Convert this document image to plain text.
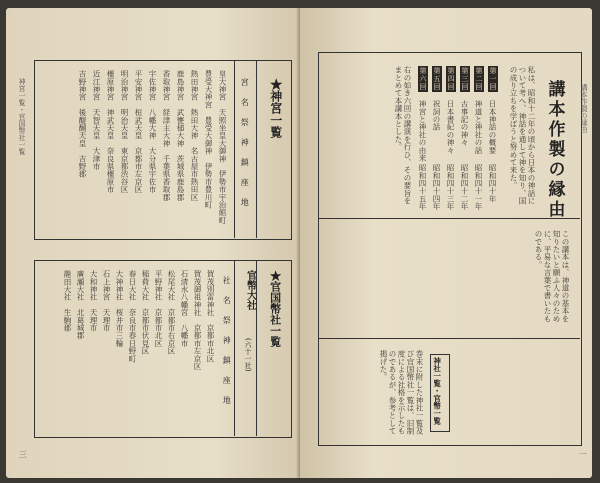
★神宮一覧
宮　名　祭　神　鎮　座　地
皇大神宮　天照坐皇大御神　伊勢市宇治館町
豊受大神宮　豊受大御神　伊勢市豊川町
熱田神宮　熱田大神　名古屋市熱田区
鹿島神宮　武甕槌大神　茨城県鹿島郡
香取神宮　経津主大神　千葉県香取郡
宇佐神宮　八幡大神　大分県宇佐市
平安神宮　桓武天皇　京都市左京区
明治神宮　明治天皇　東京都渋谷区
橿原神宮　神武天皇　奈良県橿原市
近江神宮　天智天皇　大津市
吉野神宮　後醍醐天皇　吉野郡
★官国幣社一覧
官幣大社
(六十一社)
社　名　祭　神　鎮　座　地
賀茂別雷神社　京都市北区
賀茂御祖神社　京都市左京区
石清水八幡宮　八幡市
松尾大社　京都市右京区
平野神社　京都市北区
稲荷大社　京都市伏見区
春日大社　奈良市春日野町
大神神社　桜井市三輪
石上神宮　天理市
大和神社　天理市
廣瀬大社　北葛城郡
龍田大社　生駒郡
神宮一覧・官国幣社一覧
三
講本作製の縁由
講本作製の縁由
私は、昭和十二年の頃から日本の神話について考へ、神話を通して神を知り、国の成り立ちを学ばうと努めて来た。
第一回
日本神話の概要
昭和四十年
第二回
神道と神社の話
昭和四十一年
第三回
古事記の神々
昭和四十二年
第四回
日本書紀の神々
昭和四十三年
第五回
祝詞の話
昭和四十四年
第六回
神宮と神社の由来
昭和四十五年
右の如き六回の講演を行ひ、その要旨をまとめて本講本とした。
この講本は、神道の基本を知りたいと願ふ人々のために、平易な言葉で書いたものである。
神社一覧・官幣一覧
巻末に附した神社一覧及び官国幣社一覧は、旧制度による社格を示したものであるが、参考として掲げた。
一
